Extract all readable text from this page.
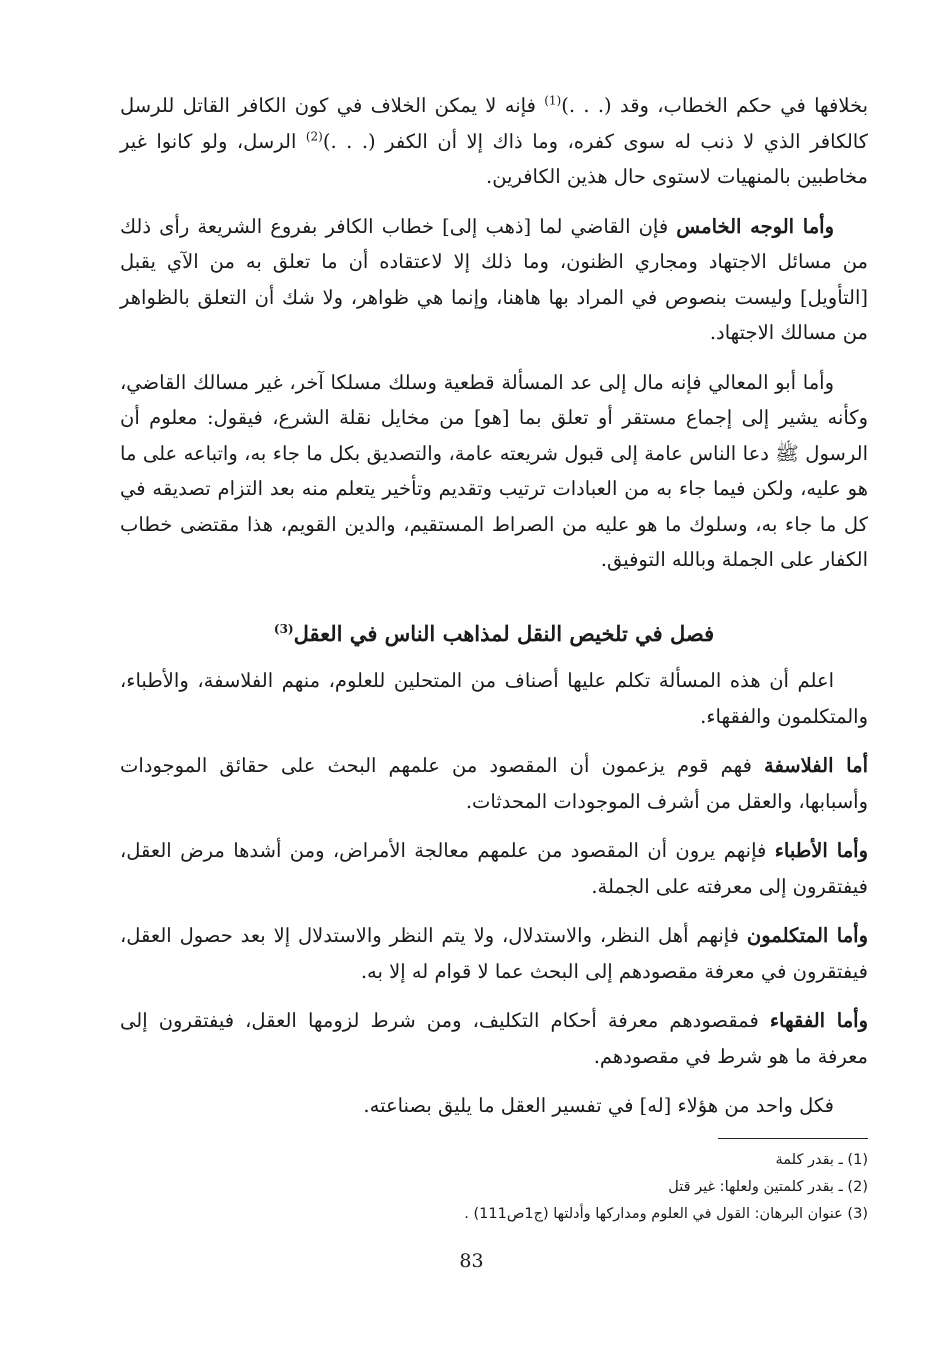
بخلافها في حكم الخطاب، وقد (. . .)$^{(1)}$ فإنه لا يمكن الخلاف في كون الكافر القاتل للرسل كالكافر الذي لا ذنب له سوى كفره، وما ذاك إلا أن الكفر (. . .)$^{(2)}$ الرسل، ولو كانوا غير مخاطبين بالمنهيات لاستوى حال هذين الكافرين.

وأما الوجه الخامس فإن القاضي لما [ذهب إلى] خطاب الكافر بفروع الشريعة رأى ذلك من مسائل الاجتهاد ومجاري الظنون، وما ذلك إلا لاعتقاده أن ما تعلق به من الآي يقبل [التأويل] وليست بنصوص في المراد بها هاهنا، وإنما هي ظواهر، ولا شك أن التعلق بالظواهر من مسالك الاجتهاد.

وأما أبو المعالي فإنه مال إلى عد المسألة قطعية وسلك مسلكا آخر، غير مسالك القاضي، وكأنه يشير إلى إجماع مستقر أو تعلق بما [هو] من مخايل نقلة الشرع، فيقول: معلوم أن الرسول ﷺ دعا الناس عامة إلى قبول شريعته عامة، والتصديق بكل ما جاء به، واتباعه على ما هو عليه، ولكن فيما جاء به من العبادات ترتيب وتقديم وتأخير يتعلم منه بعد التزام تصديقه في كل ما جاء به، وسلوك ما هو عليه من الصراط المستقيم، والدين القويم، هذا مقتضى خطاب الكفار على الجملة وبالله التوفيق.

فصل في تلخيص النقل لمذاهب الناس في العقل$^{(3)}$

اعلم أن هذه المسألة تكلم عليها أصناف من المتحلين للعلوم، منهم الفلاسفة، والأطباء، والمتكلمون والفقهاء.

أما الفلاسفة فهم قوم يزعمون أن المقصود من علمهم البحث على حقائق الموجودات وأسبابها، والعقل من أشرف الموجودات المحدثات.

وأما الأطباء فإنهم يرون أن المقصود من علمهم معالجة الأمراض، ومن أشدها مرض العقل، فيفتقرون إلى معرفته على الجملة.

وأما المتكلمون فإنهم أهل النظر، والاستدلال، ولا يتم النظر والاستدلال إلا بعد حصول العقل، فيفتقرون في معرفة مقصودهم إلى البحث عما لا قوام له إلا به.

وأما الفقهاء فمقصودهم معرفة أحكام التكليف، ومن شرط لزومها العقل، فيفتقرون إلى معرفة ما هو شرط في مقصودهم.

فكل واحد من هؤلاء [له] في تفسير العقل ما يليق بصناعته.

(1) ـ بقدر كلمة
(2) ـ بقدر كلمتين ولعلها: غير قتل
(3) عنوان البرهان: القول في العلوم ومداركها وأدلتها (ج1ص111) .
83
